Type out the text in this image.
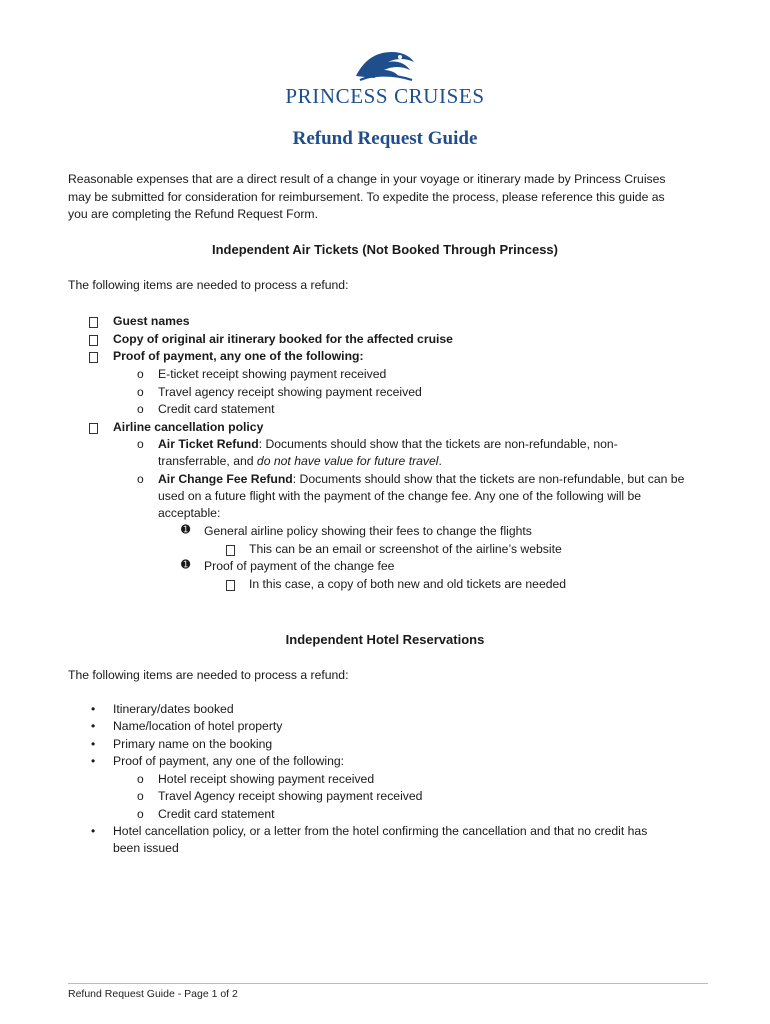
PRINCESS CRUISES
Refund Request Guide
Reasonable expenses that are a direct result of a change in your voyage or itinerary made by Princess Cruises
may be submitted for consideration for reimbursement. To expedite the process, please reference this guide as
you are completing the Refund Request Form.
Independent Air Tickets (Not Booked Through Princess)
The following items are needed to process a refund:
Guest names
Copy of original air itinerary booked for the affected cruise
Proof of payment, any one of the following:
o E-ticket receipt showing payment received
o Travel agency receipt showing payment received
o Credit card statement
Airline cancellation policy
o Air Ticket Refund: Documents should show that the tickets are non-refundable, non-
transferrable, and do not have value for future travel.
o Air Change Fee Refund: Documents should show that the tickets are non-refundable, but can be
used on a future flight with the payment of the change fee. Any one of the following will be
acceptable:
➊ General airline policy showing their fees to change the flights
This can be an email or screenshot of the airline’s website
➊ Proof of payment of the change fee
In this case, a copy of both new and old tickets are needed
Independent Hotel Reservations
The following items are needed to process a refund:
• Itinerary/dates booked
• Name/location of hotel property
• Primary name on the booking
• Proof of payment, any one of the following:
o Hotel receipt showing payment received
o Travel Agency receipt showing payment received
o Credit card statement
• Hotel cancellation policy, or a letter from the hotel confirming the cancellation and that no credit has
been issued
Refund Request Guide - Page 1 of 2
